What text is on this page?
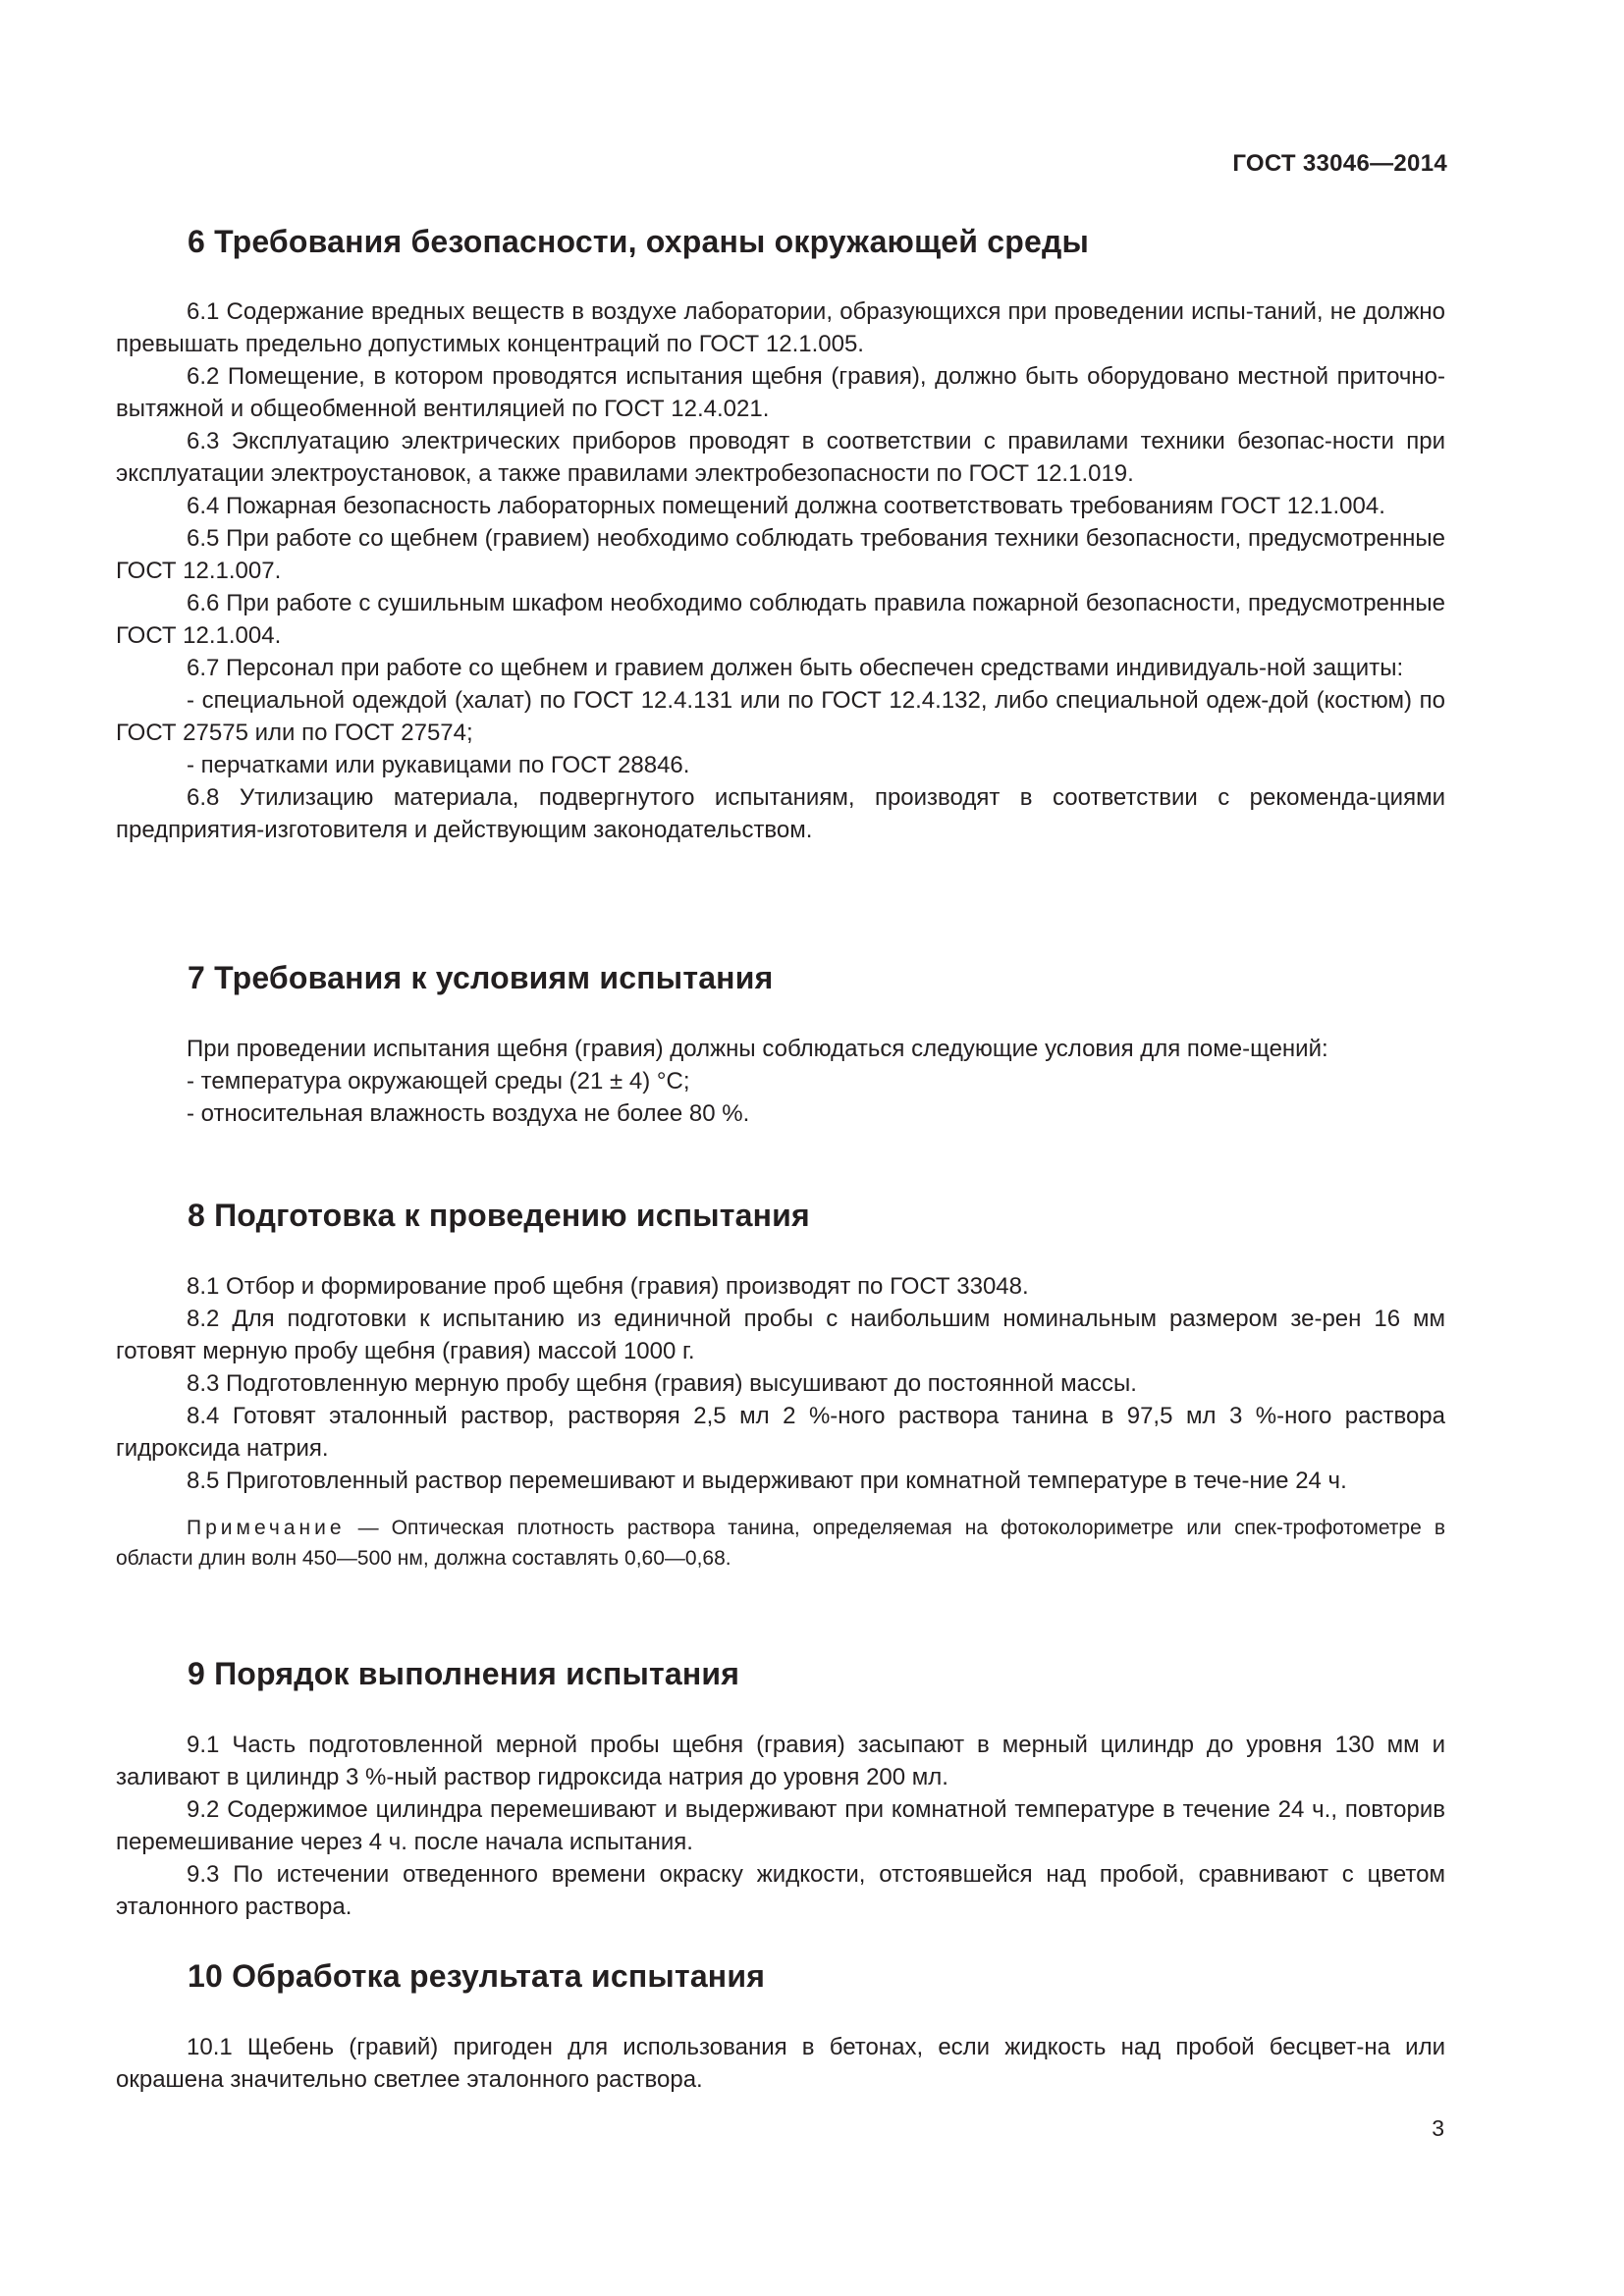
ГОСТ 33046—2014
6 Требования безопасности, охраны окружающей среды

6.1 Содержание вредных веществ в воздухе лаборатории, образующихся при проведении испы-таний, не должно превышать предельно допустимых концентраций по ГОСТ 12.1.005.

6.2 Помещение, в котором проводятся испытания щебня (гравия), должно быть оборудовано местной приточно-вытяжной и общеобменной вентиляцией по ГОСТ 12.4.021.

6.3 Эксплуатацию электрических приборов проводят в соответствии с правилами техники безопас-ности при эксплуатации электроустановок, а также правилами электробезопасности по ГОСТ 12.1.019.

6.4 Пожарная безопасность лабораторных помещений должна соответствовать требованиям ГОСТ 12.1.004.

6.5 При работе со щебнем (гравием) необходимо соблюдать требования техники безопасности, предусмотренные ГОСТ 12.1.007.

6.6 При работе с сушильным шкафом необходимо соблюдать правила пожарной безопасности, предусмотренные ГОСТ 12.1.004.

6.7 Персонал при работе со щебнем и гравием должен быть обеспечен средствами индивидуаль-ной защиты:

- специальной одеждой (халат) по ГОСТ 12.4.131 или по ГОСТ 12.4.132, либо специальной одеж-дой (костюм) по ГОСТ 27575 или по ГОСТ 27574;

- перчатками или рукавицами по ГОСТ 28846.

6.8 Утилизацию материала, подвергнутого испытаниям, производят в соответствии с рекоменда-циями предприятия-изготовителя и действующим законодательством.

7 Требования к условиям испытания

При проведении испытания щебня (гравия) должны соблюдаться следующие условия для поме-щений:

- температура окружающей среды (21 ± 4) °С;

- относительная влажность воздуха не более 80 %.

8 Подготовка к проведению испытания

8.1 Отбор и формирование проб щебня (гравия) производят по ГОСТ 33048.

8.2 Для подготовки к испытанию из единичной пробы с наибольшим номинальным размером зе-рен 16 мм готовят мерную пробу щебня (гравия) массой 1000 г.

8.3 Подготовленную мерную пробу щебня (гравия) высушивают до постоянной массы.

8.4 Готовят эталонный раствор, растворяя 2,5 мл 2 %-ного раствора танина в 97,5 мл 3 %-ного раствора гидроксида натрия.

8.5 Приготовленный раствор перемешивают и выдерживают при комнатной температуре в тече-ние 24 ч.

Примечание — Оптическая плотность раствора танина, определяемая на фотоколориметре или спек-трофотометре в области длин волн 450—500 нм, должна составлять 0,60—0,68.

9 Порядок выполнения испытания

9.1 Часть подготовленной мерной пробы щебня (гравия) засыпают в мерный цилиндр до уровня 130 мм и заливают в цилиндр 3 %-ный раствор гидроксида натрия до уровня 200 мл.

9.2 Содержимое цилиндра перемешивают и выдерживают при комнатной температуре в течение 24 ч., повторив перемешивание через 4 ч. после начала испытания.

9.3 По истечении отведенного времени окраску жидкости, отстоявшейся над пробой, сравнивают с цветом эталонного раствора.

10 Обработка результата испытания

10.1 Щебень (гравий) пригоден для использования в бетонах, если жидкость над пробой бесцвет-на или окрашена значительно светлее эталонного раствора.

3
